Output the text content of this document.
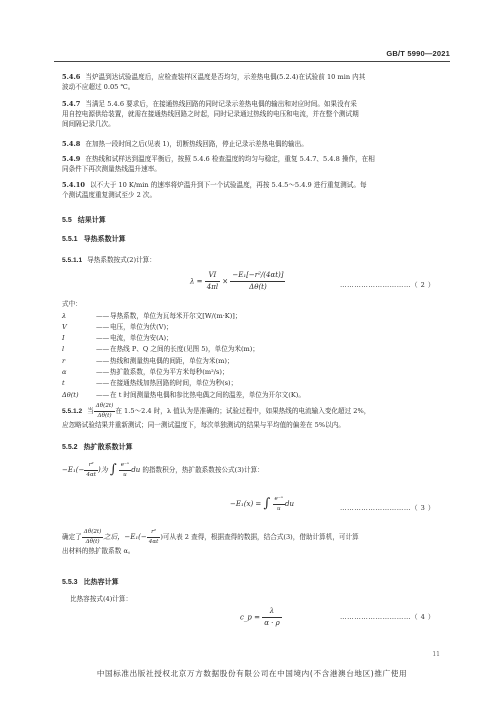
GB/T 5990—2021
5.4.6 当炉温到达试验温度后，应检查装样区温度是否均匀，示差热电偶(5.2.4)在试验前 10 min 内其
波动不应超过 0.05 ℃。
5.4.7 当满足 5.4.6 要求后，在接通热线回路的同时记录示差热电偶的输出和对应时间。如果没有采
用自控电源供给装置，就需在接通热线回路之时起，同时记录通过热线的电压和电流，并在整个测试期
间间隔记录几次。
5.4.8 在加热一段时间之后(见表 1)，切断热线回路，停止记录示差热电偶的输出。
5.4.9 在热线和试样达到温度平衡后，按照 5.4.6 检查温度的均匀与稳定，重复 5.4.7、5.4.8 操作，在相
同条件下再次测量热线温升速率。
5.4.10 以不大于 10 K/min 的速率将炉温升到下一个试验温度，再按 5.4.5～5.4.9 进行重复测试。每
个测试温度重复测试至少 2 次。
5.5 结果计算
5.5.1 导热系数计算
5.5.1.1 导热系数按式(2)计算：
$\lambda = \frac{VI}{4\pi l} \times \frac{\text{−E₁[−r²/(4αt)]}}{\Delta\theta(t)}$	…………………………（ 2 ）
式中：
λ	—— 导热系数，单位为瓦每米开尔文[W/(m·K)]；
V	—— 电压，单位为伏(V)；
I	—— 电流，单位为安(A)；
l	—— 在热线 P、Q 之间的长度(见图 5)，单位为米(m)；
r	—— 热线和测量热电偶的间距，单位为米(m)；
α	—— 热扩散系数，单位为平方米每秒(m²/s)；
t	—— 在接通热线加热回路的时间，单位为秒(s)；
Δθ(t)	—— 在 t 时间测量热电偶和参比热电偶之间的温差，单位为开尔文(K)。
5.5.1.2 当 $\frac{\Delta\theta(2t)}{\Delta\theta(t)}$ 在 1.5～2.4 时，λ 值认为是准确的；试验过程中，如果热线的电流输入变化超过 2%，
应忽略试验结果并重新测试；同一测试温度下，每次单独测试的结果与平均值的偏差在 5%以内。
5.5.2 热扩散系数计算
$-E_1(- \frac{\text{r²}}{4\alpha t}$ )为 ∫ $\frac{\text{e⁻ᵘ}}{u}$ du 的指数积分，热扩散系数按公式(3)计算：
−E₁(x) = ∫ $\frac{\text{e⁻ᵘ}}{u}$ du	…………………………（ 3 ）
确定了 $\frac{\Delta\theta(2t)}{\Delta\theta(t)}$ 之后，$-E_1(- \frac{\text{r²}}{4\alpha t}$ )可从表 2 查得，根据查得的数据，结合式(3)，借助计算机，可计算
出材料的热扩散系数 α。
5.5.3 比热容计算
比热容按式(4)计算：
c_p = $\frac{\lambda}{\alpha \cdot \rho}$	…………………………（ 4 ）
11
中国标准出版社授权北京万方数据股份有限公司在中国境内(不含港澳台地区)推广使用
